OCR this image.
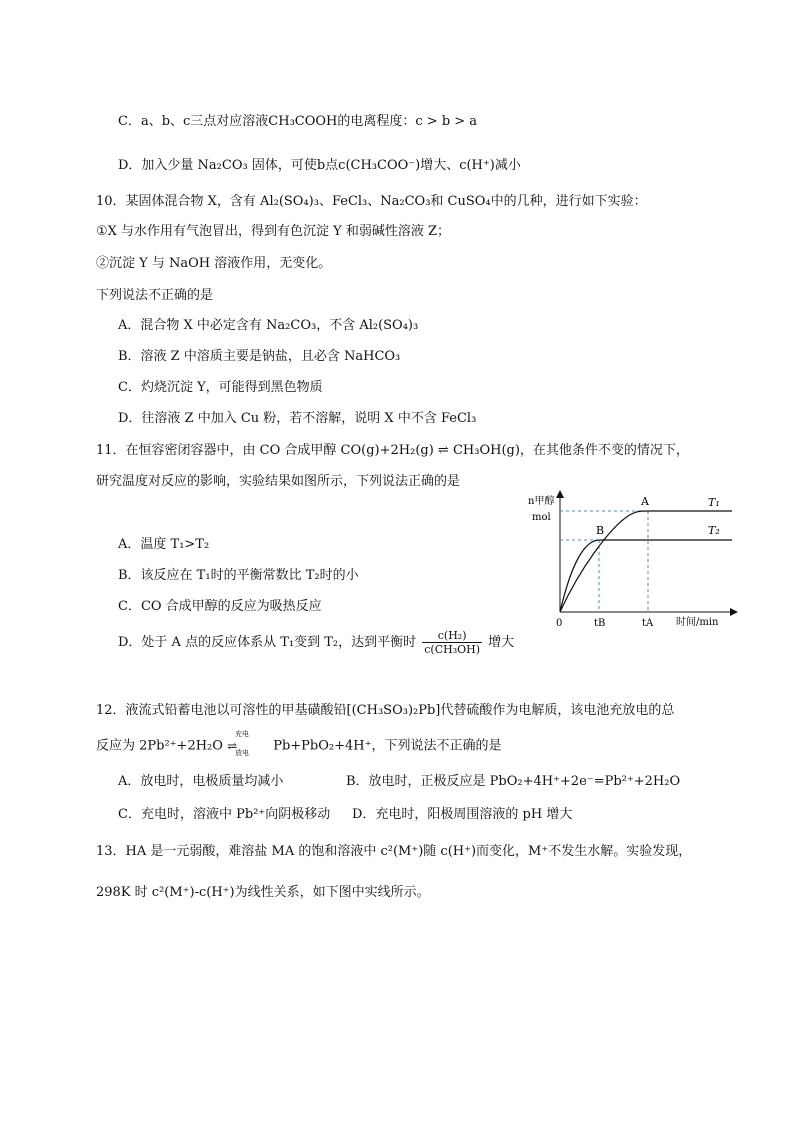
C．a、b、c三点对应溶液CH₃COOH的电离程度：c > b > a
D．加入少量 Na₂CO₃ 固体，可使b点c(CH₃COO⁻)增大、c(H⁺)减小
10．某固体混合物 X，含有 Al₂(SO₄)₃、FeCl₃、Na₂CO₃和 CuSO₄中的几种，进行如下实验：
①X 与水作用有气泡冒出，得到有色沉淀 Y 和弱碱性溶液 Z；
②沉淀 Y 与 NaOH 溶液作用，无变化。
下列说法不正确的是
A．混合物 X 中必定含有 Na₂CO₃，不含 Al₂(SO₄)₃
B．溶液 Z 中溶质主要是钠盐，且必含 NaHCO₃
C．灼烧沉淀 Y，可能得到黑色物质
D．往溶液 Z 中加入 Cu 粉，若不溶解，说明 X 中不含 FeCl₃
11．在恒容密闭容器中，由 CO 合成甲醇 CO(g)+2H₂(g) ⇌ CH₃OH(g)，在其他条件不变的情况下，
研究温度对反应的影响，实验结果如图所示，下列说法正确的是
A．温度 T₁>T₂
B．该反应在 T₁时的平衡常数比 T₂时的小
C．CO 合成甲醇的反应为吸热反应
D．处于 A 点的反应体系从 T₁变到 T₂，达到平衡时 $\frac{\text{c(H₂)}}{\text{c(CH₃OH)}}$ 增大
n甲醇
mol
0	时间/min
A
B
T₁
T₂
tB	tA
12．液流式铅蓄电池以可溶性的甲基磺酸铅[(CH₃SO₃)₂Pb]代替硫酸作为电解质，该电池充放电的总
反应为 2Pb²⁺+2H₂O
充电
⇌
放电 Pb+PbO₂+4H⁺，下列说法不正确的是
A．放电时，电极质量均减小	B．放电时，正极反应是 PbO₂+4H⁺+2e⁻=Pb²⁺+2H₂O
C．充电时，溶液中 Pb²⁺向阴极移动 D．充电时，阳极周围溶液的 pH 增大
13．HA 是一元弱酸，难溶盐 MA 的饱和溶液中 c²(M⁺)随 c(H⁺)而变化，M⁺不发生水解。实验发现，
298K 时 c²(M⁺)-c(H⁺)为线性关系，如下图中实线所示。
